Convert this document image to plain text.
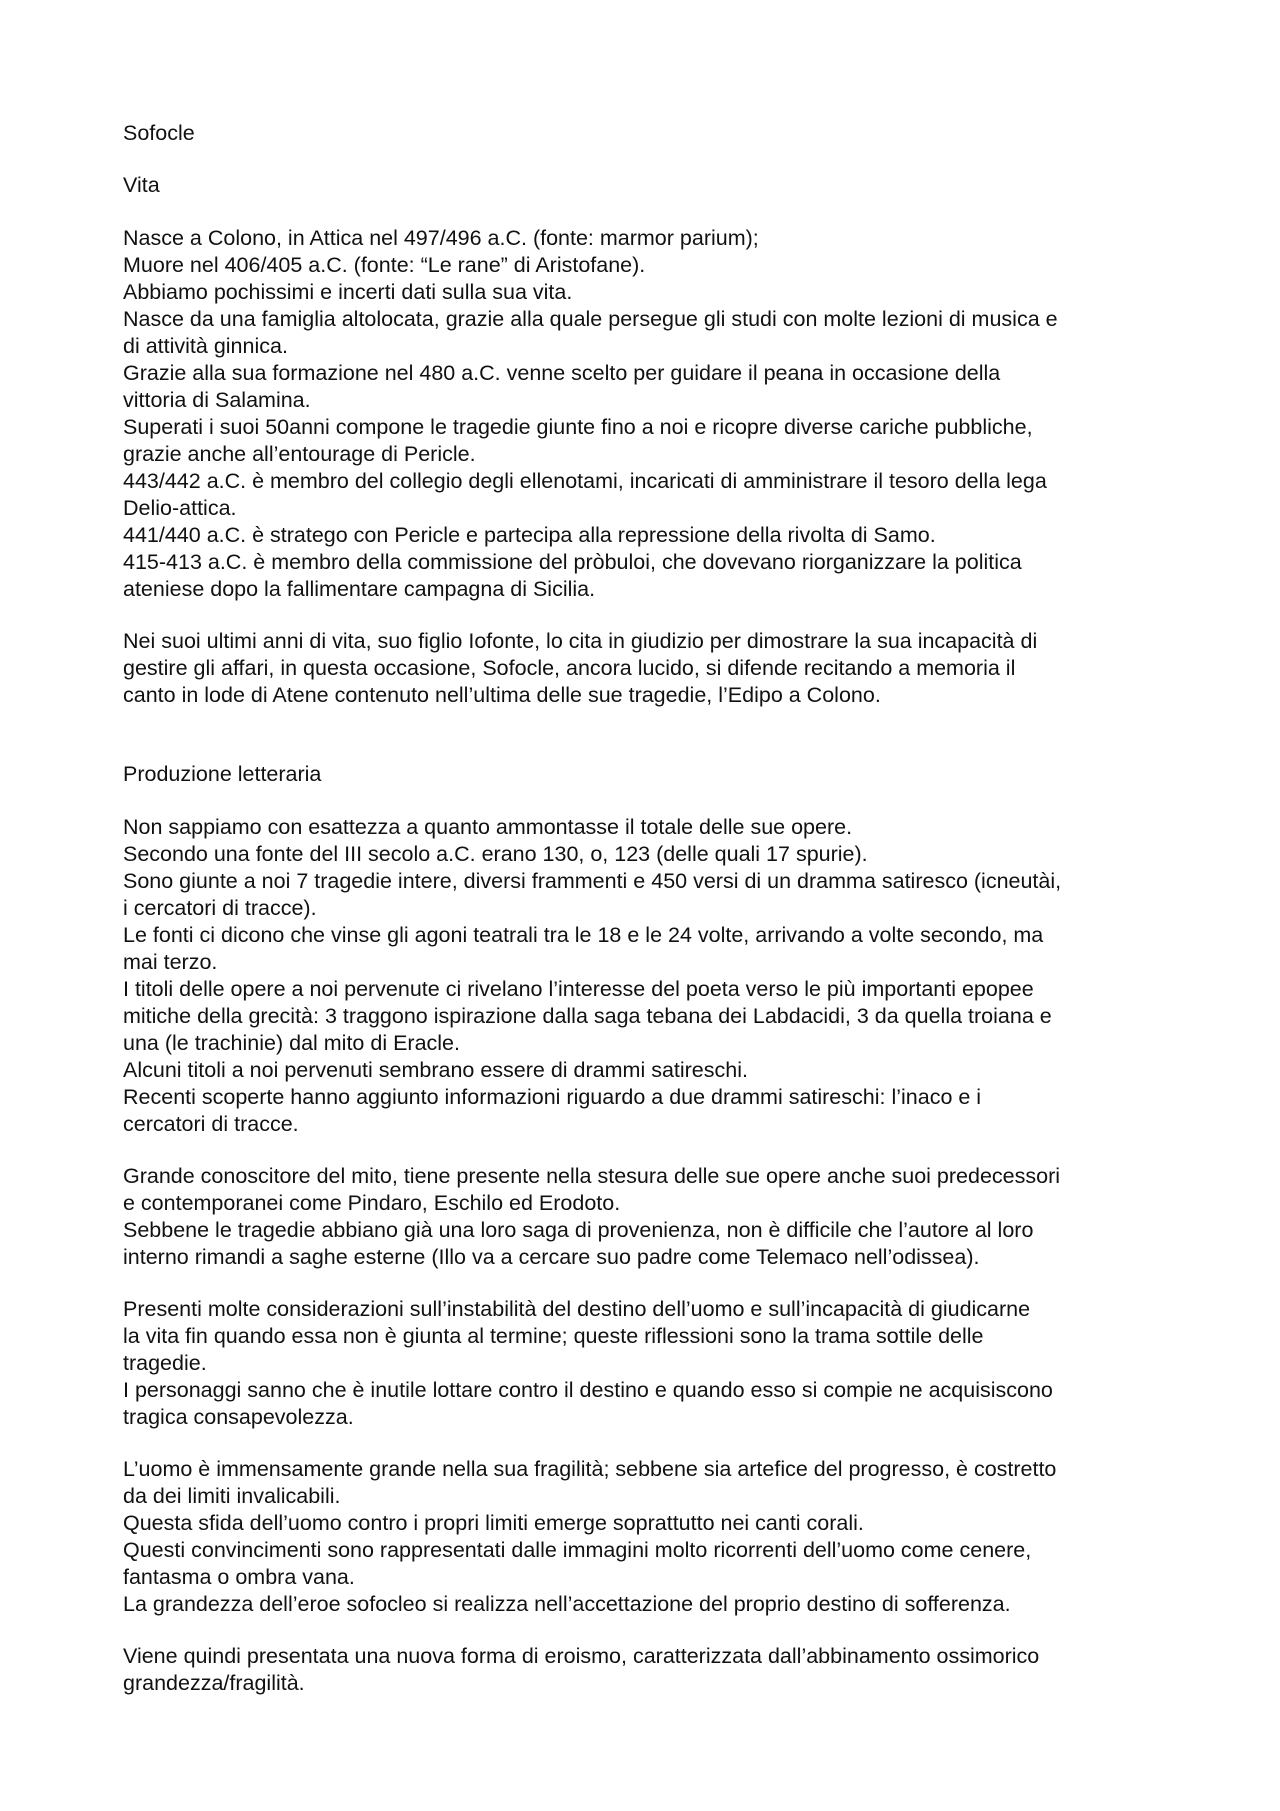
Sofocle
Vita
Nasce a Colono, in Attica nel 497/496 a.C. (fonte: marmor parium);
Muore nel 406/405 a.C. (fonte: “Le rane” di Aristofane).
Abbiamo pochissimi e incerti dati sulla sua vita.
Nasce da una famiglia altolocata, grazie alla quale persegue gli studi con molte lezioni di musica e
di attività ginnica.
Grazie alla sua formazione nel 480 a.C. venne scelto per guidare il peana in occasione della
vittoria di Salamina.
Superati i suoi 50anni compone le tragedie giunte fino a noi e ricopre diverse cariche pubbliche,
grazie anche all’entourage di Pericle.
443/442 a.C. è membro del collegio degli ellenotami, incaricati di amministrare il tesoro della lega
Delio-attica.
441/440 a.C. è stratego con Pericle e partecipa alla repressione della rivolta di Samo.
415-413 a.C. è membro della commissione del pròbuloi, che dovevano riorganizzare la politica
ateniese dopo la fallimentare campagna di Sicilia.
Nei suoi ultimi anni di vita, suo figlio Iofonte, lo cita in giudizio per dimostrare la sua incapacità di
gestire gli affari, in questa occasione, Sofocle, ancora lucido, si difende recitando a memoria il
canto in lode di Atene contenuto nell’ultima delle sue tragedie, l’Edipo a Colono.
Produzione letteraria
Non sappiamo con esattezza a quanto ammontasse il totale delle sue opere.
Secondo una fonte del III secolo a.C. erano 130, o, 123 (delle quali 17 spurie).
Sono giunte a noi 7 tragedie intere, diversi frammenti e 450 versi di un dramma satiresco (icneutài,
i cercatori di tracce).
Le fonti ci dicono che vinse gli agoni teatrali tra le 18 e le 24 volte, arrivando a volte secondo, ma
mai terzo.
I titoli delle opere a noi pervenute ci rivelano l’interesse del poeta verso le più importanti epopee
mitiche della grecità: 3 traggono ispirazione dalla saga tebana dei Labdacidi, 3 da quella troiana e
una (le trachinie) dal mito di Eracle.
Alcuni titoli a noi pervenuti sembrano essere di drammi satireschi.
Recenti scoperte hanno aggiunto informazioni riguardo a due drammi satireschi: l’inaco e i
cercatori di tracce.
Grande conoscitore del mito, tiene presente nella stesura delle sue opere anche suoi predecessori
e contemporanei come Pindaro, Eschilo ed Erodoto.
Sebbene le tragedie abbiano già una loro saga di provenienza, non è difficile che l’autore al loro
interno rimandi a saghe esterne (Illo va a cercare suo padre come Telemaco nell’odissea).
Presenti molte considerazioni sull’instabilità del destino dell’uomo e sull’incapacità di giudicarne
la vita fin quando essa non è giunta al termine; queste riflessioni sono la trama sottile delle
tragedie.
I personaggi sanno che è inutile lottare contro il destino e quando esso si compie ne acquisiscono
tragica consapevolezza.
L’uomo è immensamente grande nella sua fragilità; sebbene sia artefice del progresso, è costretto
da dei limiti invalicabili.
Questa sfida dell’uomo contro i propri limiti emerge soprattutto nei canti corali.
Questi convincimenti sono rappresentati dalle immagini molto ricorrenti dell’uomo come cenere,
fantasma o ombra vana.
La grandezza dell’eroe sofocleo si realizza nell’accettazione del proprio destino di sofferenza.
Viene quindi presentata una nuova forma di eroismo, caratterizzata dall’abbinamento ossimorico
grandezza/fragilità.
